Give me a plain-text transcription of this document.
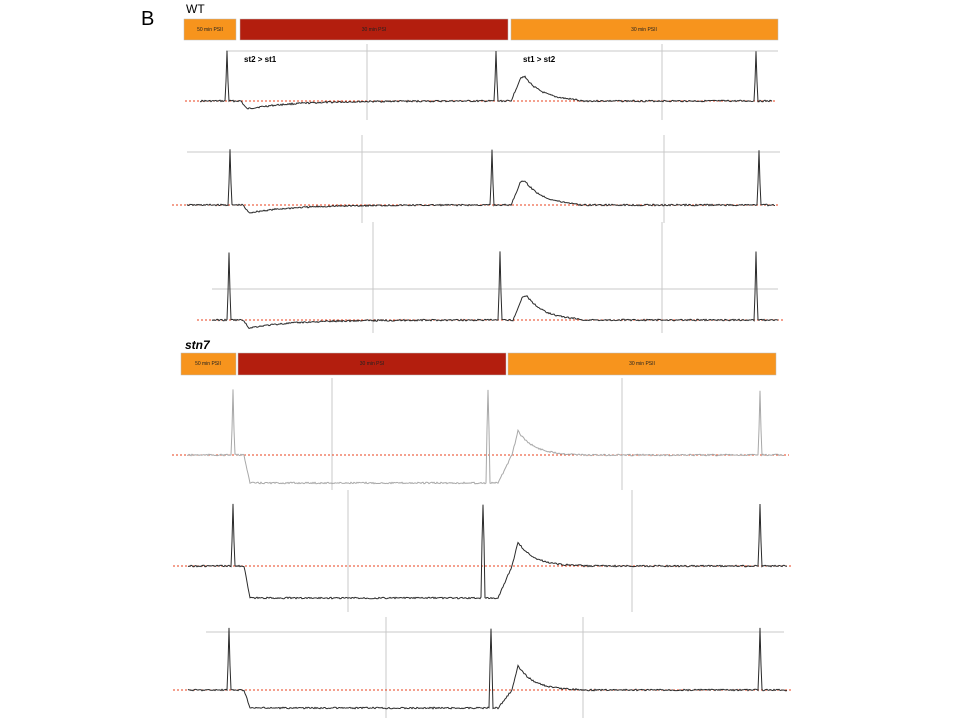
B	WT
50 min PSII	30 min PSI	30 min PSII
st2 > st1	st1 > st2
stn7
50 min PSII	30 min PSI	30 min PSII
